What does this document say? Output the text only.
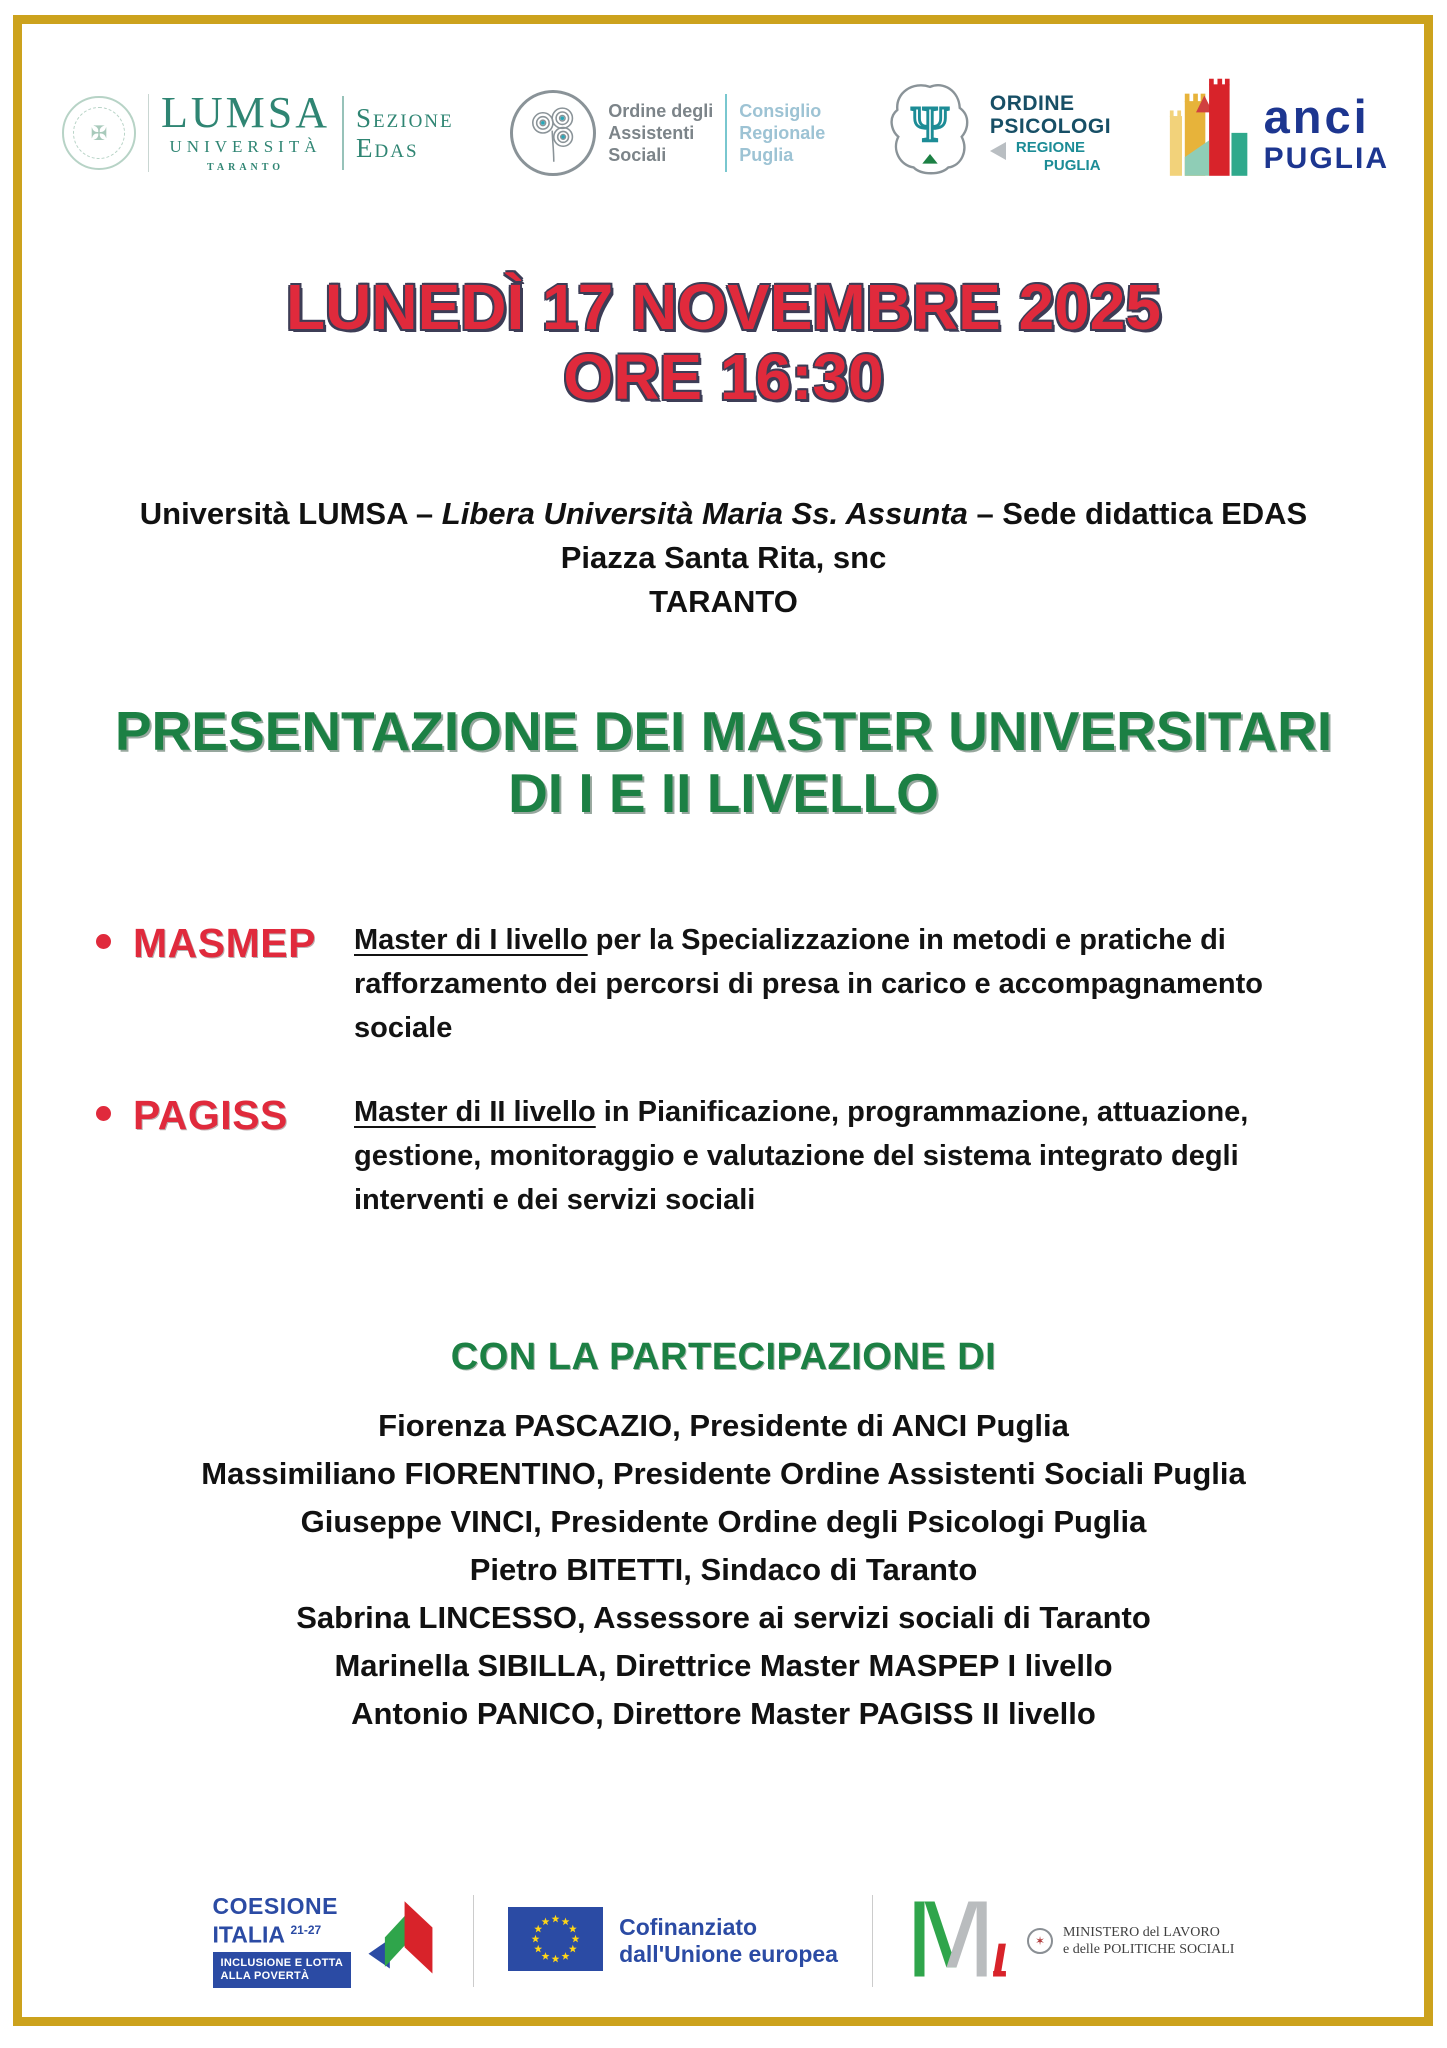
✠	LUMSA
UNIVERSITÀ
TARANTO
Sezione
Edas
Ordine degli
Assistenti
Sociali
Consiglio
Regionale
Puglia
Ψ ORDINE
PSICOLOGI
REGIONE
PUGLIA
anci
PUGLIA
LUNEDÌ 17 NOVEMBRE 2025
ORE 16:30
Università LUMSA – Libera Università Maria Ss. Assunta – Sede didattica EDAS
Piazza Santa Rita, snc
TARANTO
PRESENTAZIONE DEI MASTER UNIVERSITARI
DI I E II LIVELLO
MASMEP Master di I livello per la Specializzazione in metodi e pratiche di rafforzamento dei percorsi di presa in carico e accompagnamento sociale
PAGISS Master di II livello in Pianificazione, programmazione, attuazione, gestione, monitoraggio e valutazione del sistema integrato degli interventi e dei servizi sociali
CON LA PARTECIPAZIONE DI
Fiorenza PASCAZIO, Presidente di ANCI Puglia
Massimiliano FIORENTINO, Presidente Ordine Assistenti Sociali Puglia
Giuseppe VINCI, Presidente Ordine degli Psicologi Puglia
Pietro BITETTI, Sindaco di Taranto
Sabrina LINCESSO, Assessore ai servizi sociali di Taranto
Marinella SIBILLA, Direttrice Master MASPEP I livello
Antonio PANICO, Direttore Master PAGISS II livello
COESIONE
ITALIA $^{21-27}$
INCLUSIONE E LOTTA
ALLA POVERTÀ
Cofinanziato
dall'Unione europea	✶
MINISTERO del LAVORO
e delle POLITICHE SOCIALI
